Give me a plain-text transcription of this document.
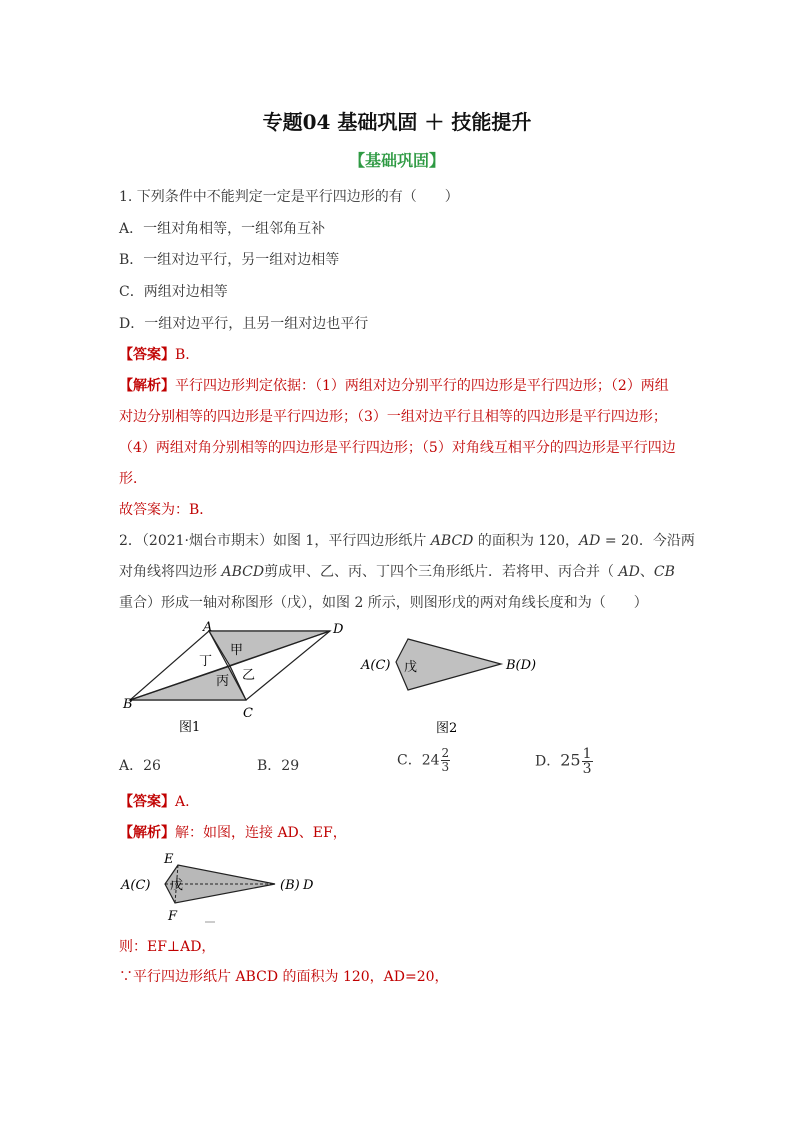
专题04 基础巩固 ＋ 技能提升
【基础巩固】
1. 下列条件中不能判定一定是平行四边形的有（　　）
A．一组对角相等，一组邻角互补
B．一组对边平行，另一组对边相等
C．两组对边相等
D．一组对边平行，且另一组对边也平行
【答案】B.
【解析】平行四边形判定依据：（1）两组对边分别平行的四边形是平行四边形；（2）两组
对边分别相等的四边形是平行四边形；（3）一组对边平行且相等的四边形是平行四边形；
（4）两组对角分别相等的四边形是平行四边形；（5）对角线互相平分的四边形是平行四边
形．
故答案为：B．
2．（2021·烟台市期末）如图 1，平行四边形纸片 ABCD 的面积为 120，AD = 20．今沿两
对角线将四边形 ABCD剪成甲、乙、丙、丁四个三角形纸片．若将甲、丙合并（ AD、CB
重合）形成一轴对称图形（戊），如图 2 所示，则图形戊的两对角线长度和为（　　）
A	D
B
C
甲
乙
丙
丁
图1
A(C)	B(D)
戊
图2
A．26	B．29	C．$24 \frac{2}{3}$	D．$25 \frac{1}{3}$
【答案】A.
【解析】解：如图，连接 AD、EF，
E
F
A(C)	(B) D
戊
则：EF⊥AD，
∵平行四边形纸片 ABCD 的面积为 120，AD=20，
